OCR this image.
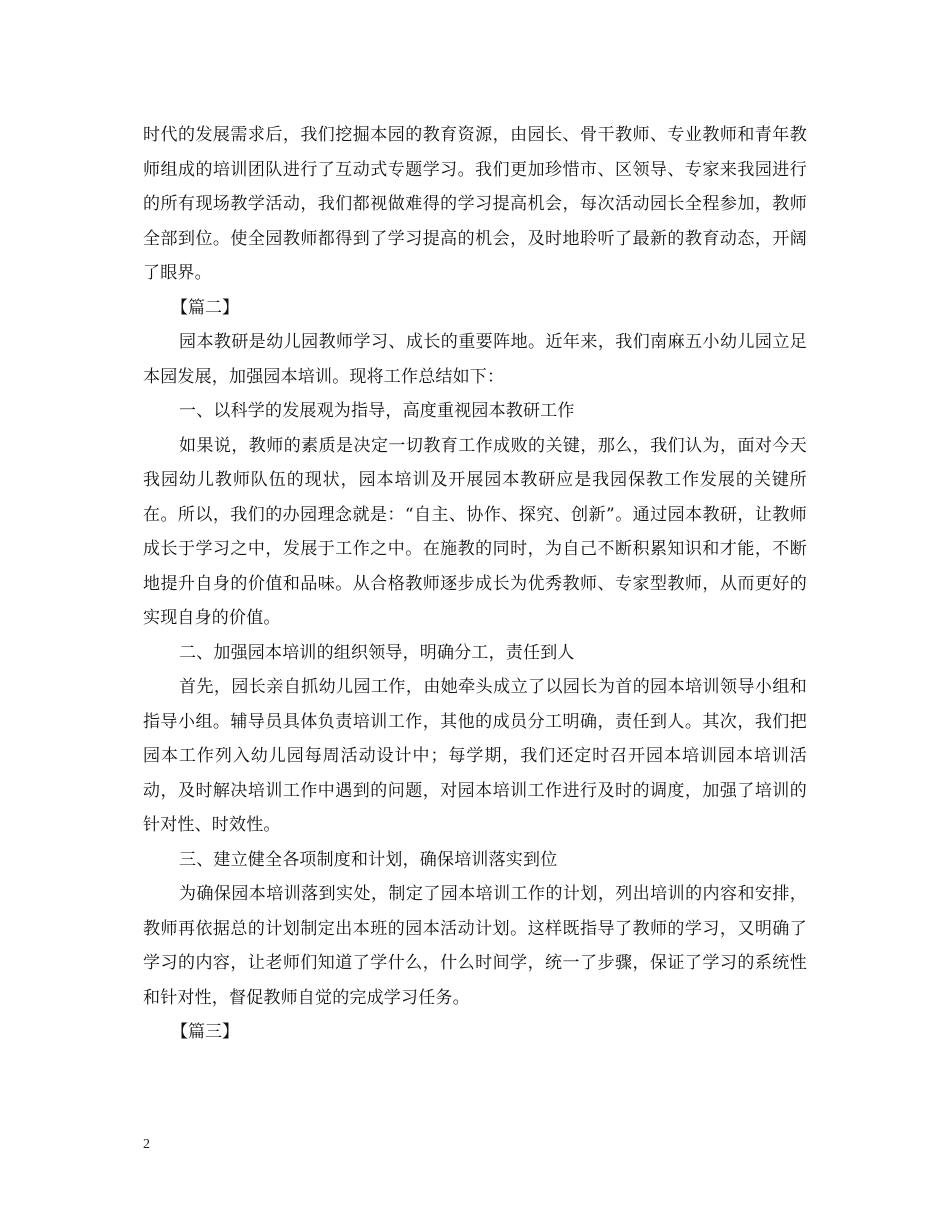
时代的发展需求后，我们挖掘本园的教育资源，由园长、骨干教师、专业教师和青年教师组成的培训团队进行了互动式专题学习。我们更加珍惜市、区领导、专家来我园进行的所有现场教学活动，我们都视做难得的学习提高机会，每次活动园长全程参加，教师全部到位。使全园教师都得到了学习提高的机会，及时地聆听了最新的教育动态，开阔了眼界。

【篇二】

园本教研是幼儿园教师学习、成长的重要阵地。近年来，我们南麻五小幼儿园立足本园发展，加强园本培训。现将工作总结如下：

一、以科学的发展观为指导，高度重视园本教研工作

如果说，教师的素质是决定一切教育工作成败的关键，那么，我们认为，面对今天我园幼儿教师队伍的现状，园本培训及开展园本教研应是我园保教工作发展的关键所在。所以，我们的办园理念就是：“自主、协作、探究、创新”。通过园本教研，让教师成长于学习之中，发展于工作之中。在施教的同时，为自己不断积累知识和才能，不断地提升自身的价值和品味。从合格教师逐步成长为优秀教师、专家型教师，从而更好的实现自身的价值。

二、加强园本培训的组织领导，明确分工，责任到人

首先，园长亲自抓幼儿园工作，由她牵头成立了以园长为首的园本培训领导小组和指导小组。辅导员具体负责培训工作，其他的成员分工明确，责任到人。其次，我们把园本工作列入幼儿园每周活动设计中；每学期，我们还定时召开园本培训园本培训活动，及时解决培训工作中遇到的问题，对园本培训工作进行及时的调度，加强了培训的针对性、时效性。

三、建立健全各项制度和计划，确保培训落实到位

为确保园本培训落到实处，制定了园本培训工作的计划，列出培训的内容和安排，教师再依据总的计划制定出本班的园本活动计划。这样既指导了教师的学习，又明确了学习的内容，让老师们知道了学什么，什么时间学，统一了步骤，保证了学习的系统性和针对性，督促教师自觉的完成学习任务。

【篇三】

2
